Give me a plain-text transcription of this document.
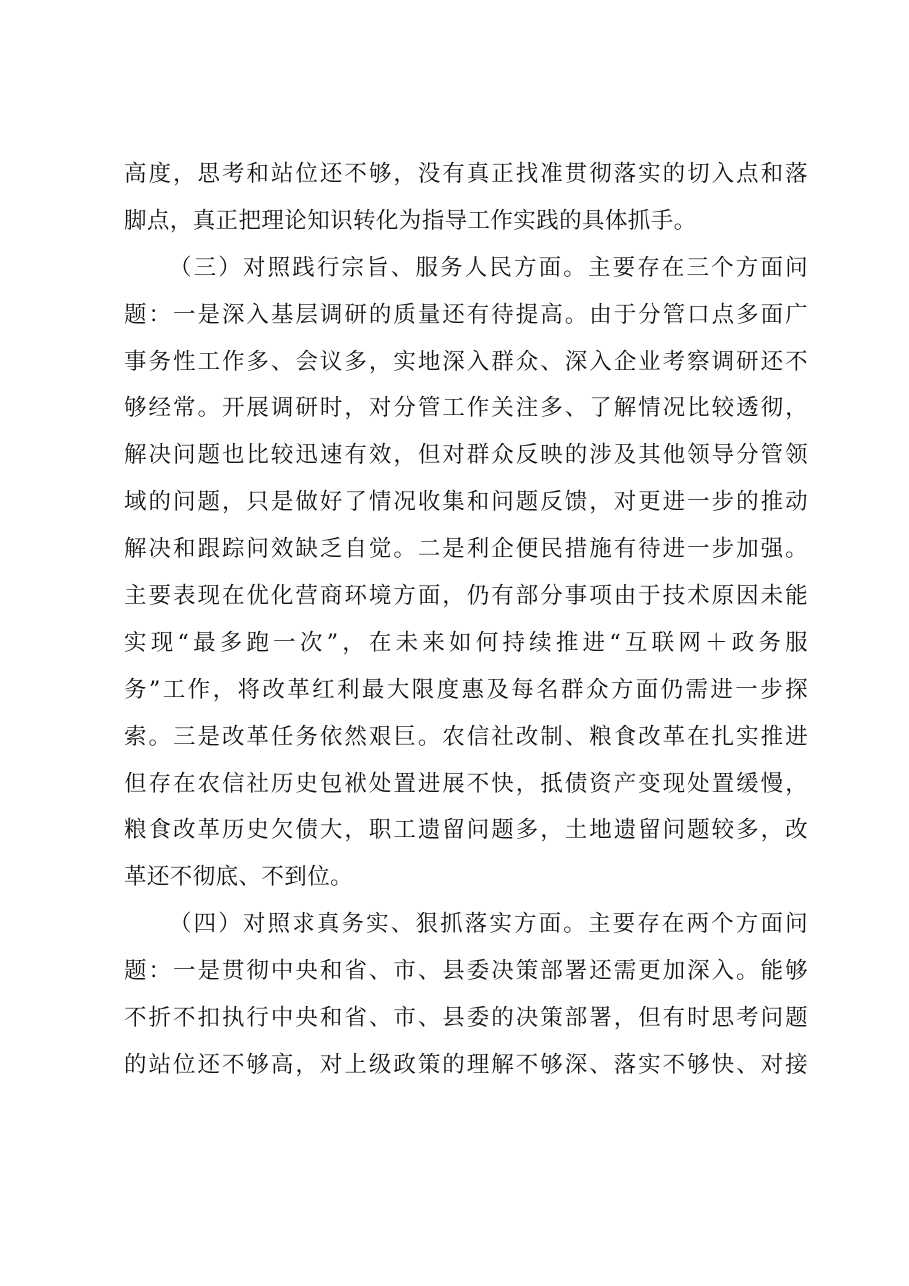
高度，思考和站位还不够，没有真正找准贯彻落实的切入点和落
脚点，真正把理论知识转化为指导工作实践的具体抓手。
（三）对照践行宗旨、服务人民方面。主要存在三个方面问
题：一是深入基层调研的质量还有待提高。由于分管口点多面广
事务性工作多、会议多，实地深入群众、深入企业考察调研还不
够经常。开展调研时，对分管工作关注多、了解情况比较透彻，
解决问题也比较迅速有效，但对群众反映的涉及其他领导分管领
域的问题，只是做好了情况收集和问题反馈，对更进一步的推动
解决和跟踪问效缺乏自觉。二是利企便民措施有待进一步加强。
主要表现在优化营商环境方面，仍有部分事项由于技术原因未能
实现“最多跑一次”，在未来如何持续推进“互联网＋政务服
务”工作，将改革红利最大限度惠及每名群众方面仍需进一步探
索。三是改革任务依然艰巨。农信社改制、粮食改革在扎实推进
但存在农信社历史包袱处置进展不快，抵债资产变现处置缓慢，
粮食改革历史欠债大，职工遗留问题多，土地遗留问题较多，改
革还不彻底、不到位。
（四）对照求真务实、狠抓落实方面。主要存在两个方面问
题：一是贯彻中央和省、市、县委决策部署还需更加深入。能够
不折不扣执行中央和省、市、县委的决策部署，但有时思考问题
的站位还不够高，对上级政策的理解不够深、落实不够快、对接
